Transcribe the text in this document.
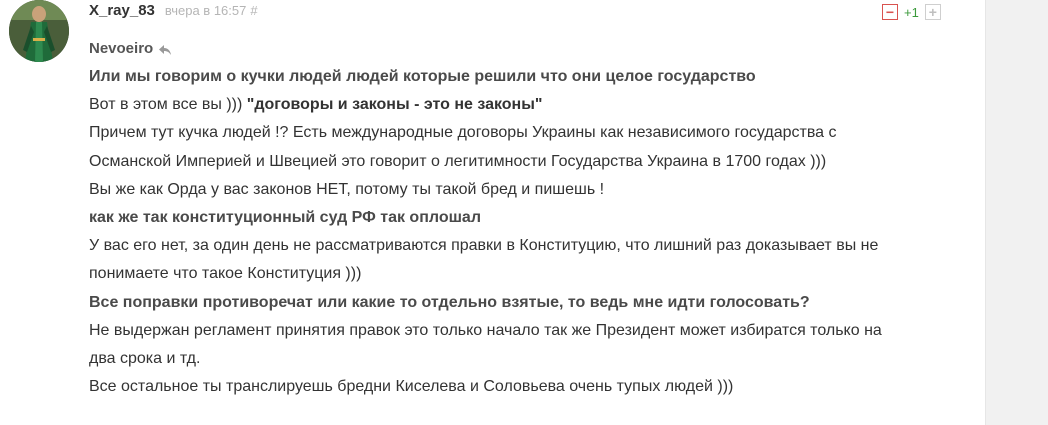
X_ray_83 вчера в 16:57 #	− +1 +
Nevoeiro
Или мы говорим о кучки людей людей которые решили что они целое государство
Вот в этом все вы ))) "договоры и законы - это не законы"
Причем тут кучка людей !? Есть международные договоры Украины как независимого государства с
Османской Империей и Швецией это говорит о легитимности Государства Украина в 1700 годах )))
Вы же как Орда у вас законов НЕТ, потому ты такой бред и пишешь !
как же так конституционный суд РФ так оплошал
У вас его нет, за один день не рассматриваются правки в Конституцию, что лишний раз доказывает вы не
понимаете что такое Конституция )))
Все поправки противоречат или какие то отдельно взятые, то ведь мне идти голосовать?
Не выдержан регламент принятия правок это только начало так же Президент может избиратся только на
два срока и тд.
Все остальное ты транслируешь бредни Киселева и Соловьева очень тупых людей )))
